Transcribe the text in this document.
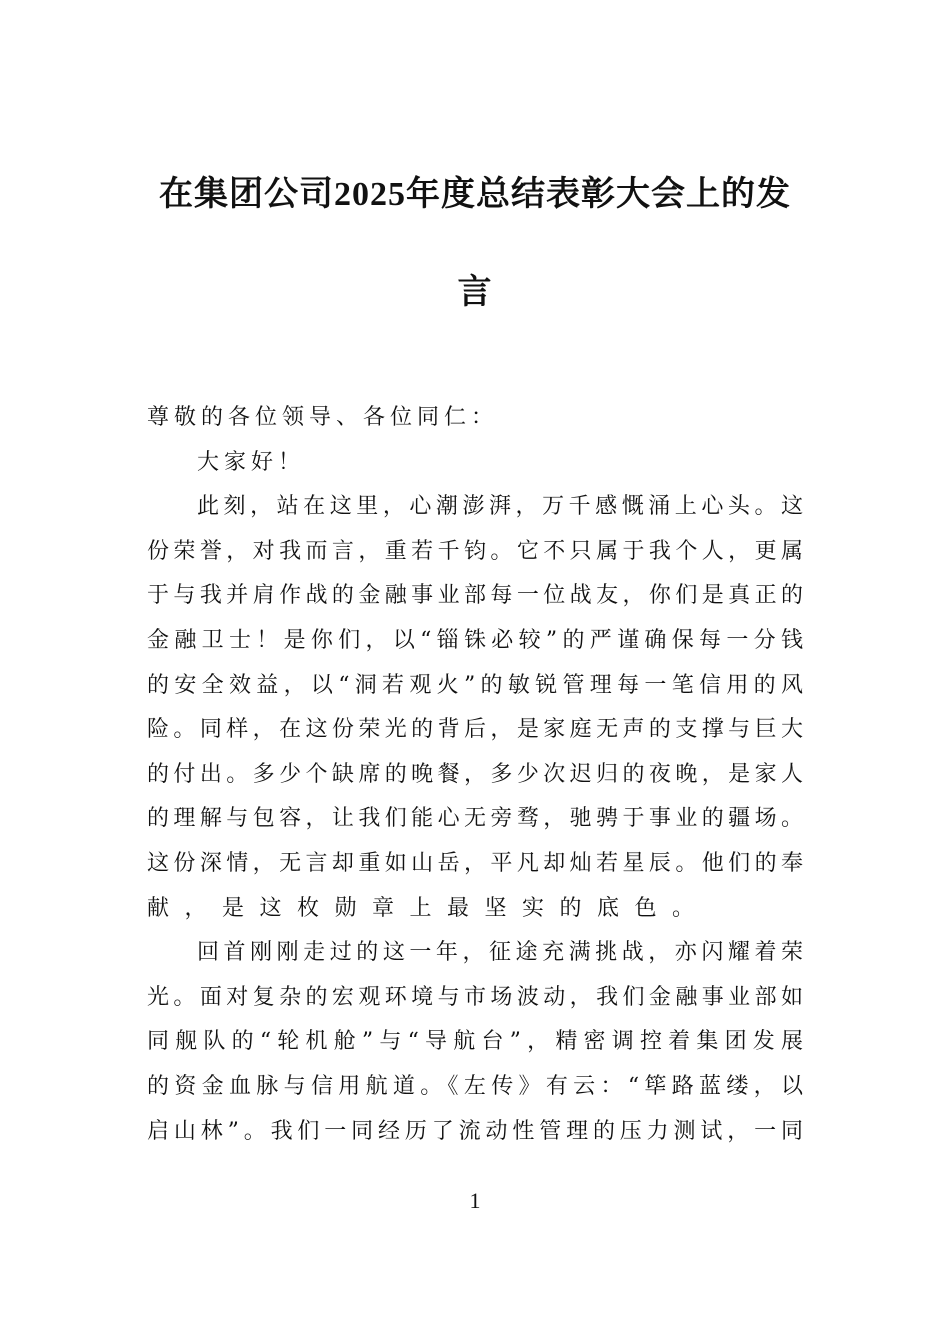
在集团公司2025年度总结表彰大会上的发
言
尊敬的各位领导、各位同仁：
大家好！
此刻，站在这里，心潮澎湃，万千感慨涌上心头。这
份荣誉，对我而言，重若千钧。它不只属于我个人，更属
于与我并肩作战的金融事业部每一位战友，你们是真正的
金融卫士！是你们，以“锱铢必较”的严谨确保每一分钱
的安全效益，以“洞若观火”的敏锐管理每一笔信用的风
险。同样，在这份荣光的背后，是家庭无声的支撑与巨大
的付出。多少个缺席的晚餐，多少次迟归的夜晚，是家人
的理解与包容，让我们能心无旁骛，驰骋于事业的疆场。
这份深情，无言却重如山岳，平凡却灿若星辰。他们的奉
献，是这枚勋章上最坚实的底色。
回首刚刚走过的这一年，征途充满挑战，亦闪耀着荣
光。面对复杂的宏观环境与市场波动，我们金融事业部如
同舰队的“轮机舱”与“导航台”，精密调控着集团发展
的资金血脉与信用航道。《左传》有云：“筚路蓝缕，以
启山林”。我们一同经历了流动性管理的压力测试，一同
1
